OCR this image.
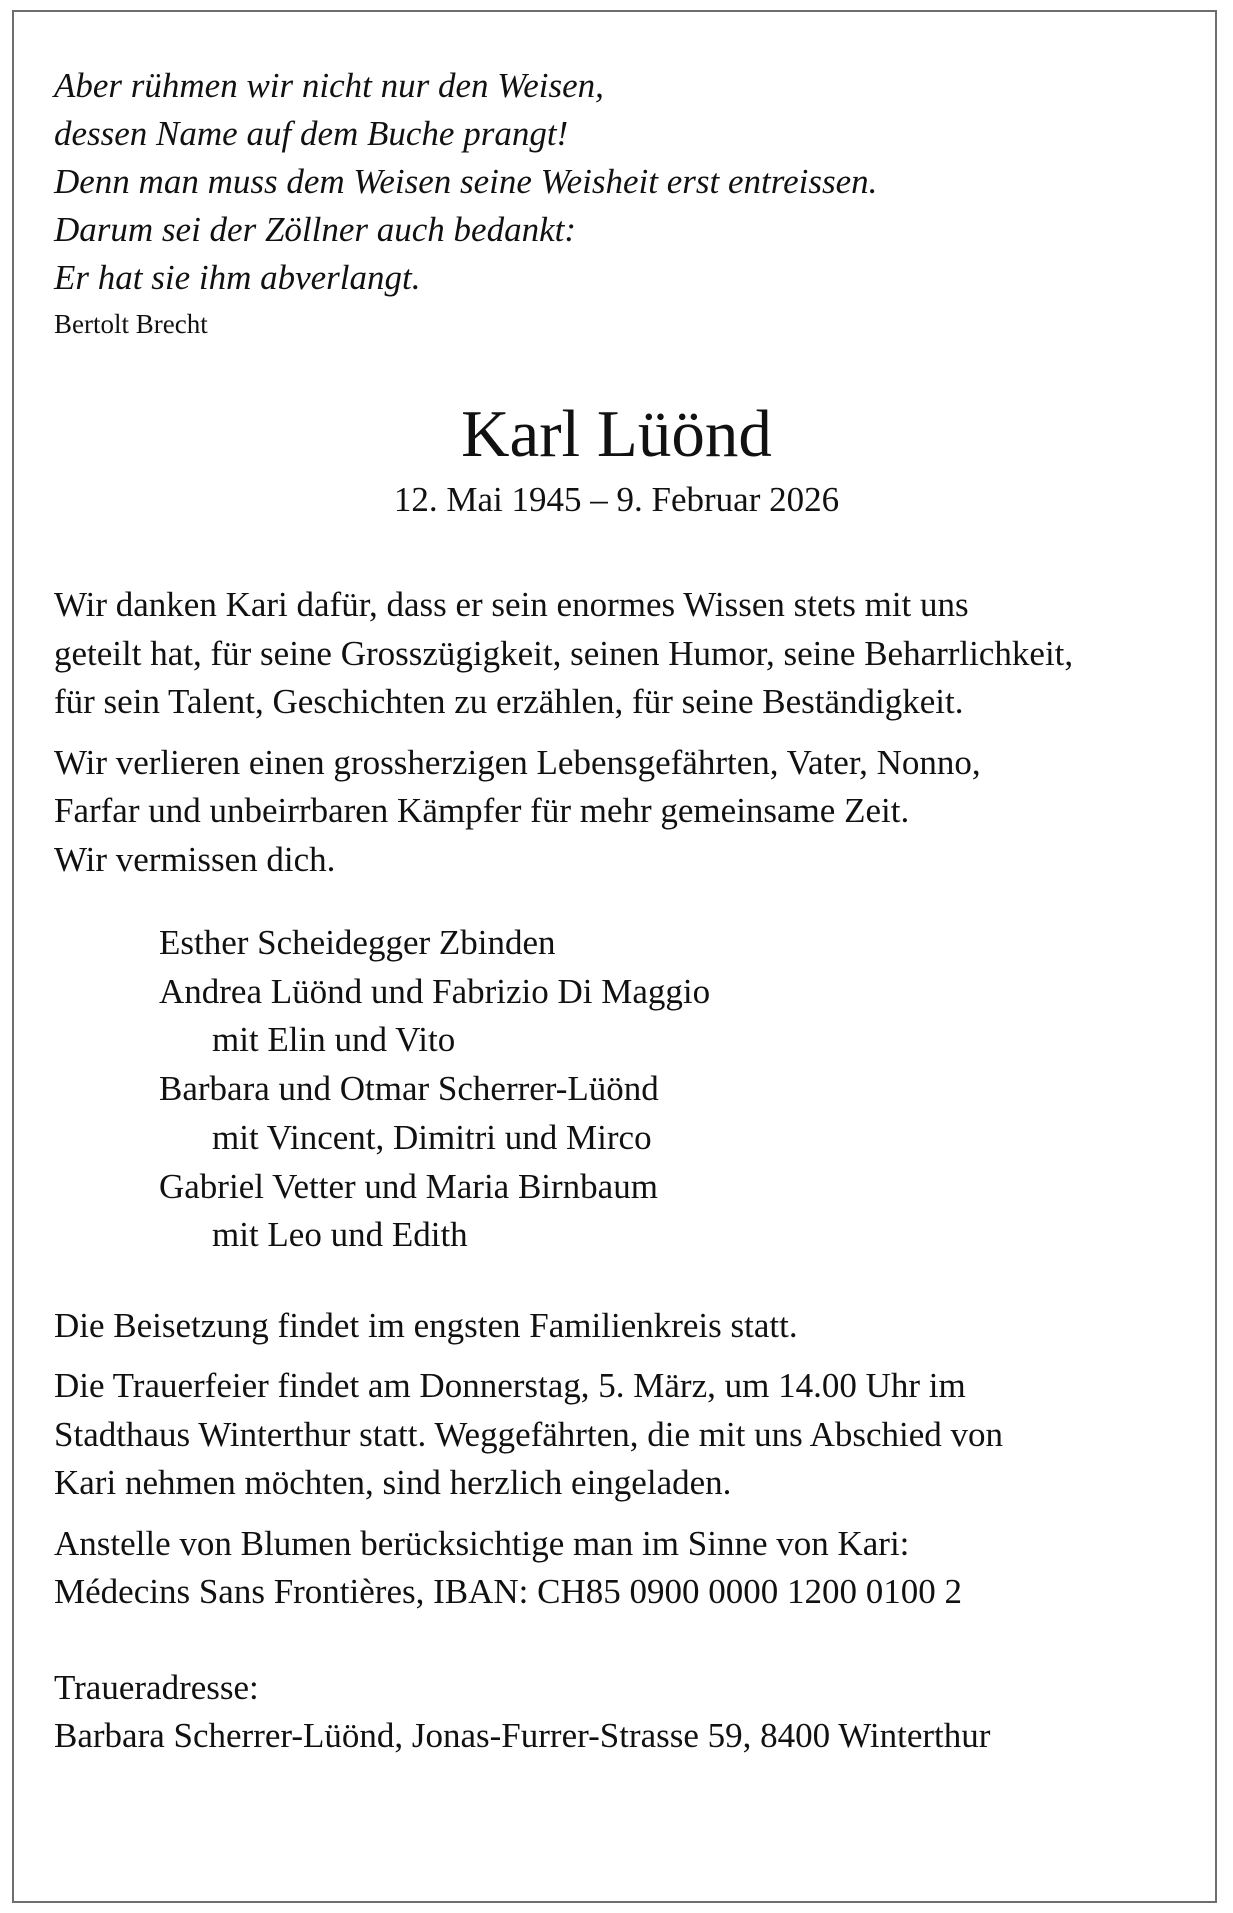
Aber rühmen wir nicht nur den Weisen,
dessen Name auf dem Buche prangt!
Denn man muss dem Weisen seine Weisheit erst entreissen.
Darum sei der Zöllner auch bedankt:
Er hat sie ihm abverlangt.
Bertolt Brecht
Karl Lüönd
12. Mai 1945 – 9. Februar 2026
Wir danken Kari dafür, dass er sein enormes Wissen stets mit uns
geteilt hat, für seine Grosszügigkeit, seinen Humor, seine Beharrlichkeit,
für sein Talent, Geschichten zu erzählen, für seine Beständigkeit.
Wir verlieren einen grossherzigen Lebensgefährten, Vater, Nonno,
Farfar und unbeirrbaren Kämpfer für mehr gemeinsame Zeit.
Wir vermissen dich.
Esther Scheidegger Zbinden
Andrea Lüönd und Fabrizio Di Maggio
mit Elin und Vito
Barbara und Otmar Scherrer-Lüönd
mit Vincent, Dimitri und Mirco
Gabriel Vetter und Maria Birnbaum
mit Leo und Edith
Die Beisetzung findet im engsten Familienkreis statt.
Die Trauerfeier findet am Donnerstag, 5. März, um 14.00 Uhr im
Stadthaus Winterthur statt. Weggefährten, die mit uns Abschied von
Kari nehmen möchten, sind herzlich eingeladen.
Anstelle von Blumen berücksichtige man im Sinne von Kari:
Médecins Sans Frontières, IBAN: CH85 0900 0000 1200 0100 2
Traueradresse:
Barbara Scherrer-Lüönd, Jonas-Furrer-Strasse 59, 8400 Winterthur
